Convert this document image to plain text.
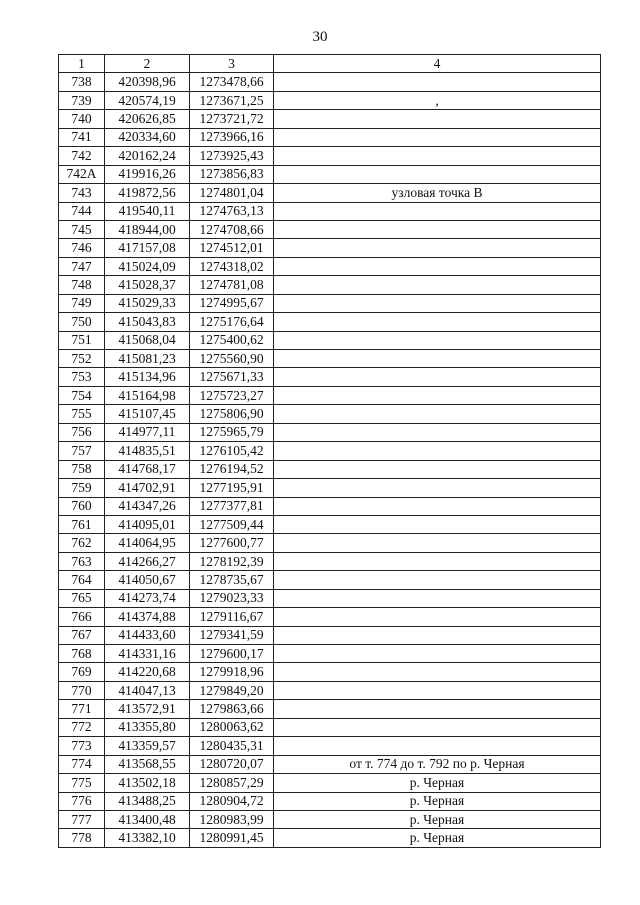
30
1	2	3	4
738	420398,96	1273478,66	
739	420574,19	1273671,25	,
740	420626,85	1273721,72	
741	420334,60	1273966,16	
742	420162,24	1273925,43	
742А	419916,26	1273856,83	
743	419872,56	1274801,04	узловая точка В
744	419540,11	1274763,13	
745	418944,00	1274708,66	
746	417157,08	1274512,01	
747	415024,09	1274318,02	
748	415028,37	1274781,08	
749	415029,33	1274995,67	
750	415043,83	1275176,64	
751	415068,04	1275400,62	
752	415081,23	1275560,90	
753	415134,96	1275671,33	
754	415164,98	1275723,27	
755	415107,45	1275806,90	
756	414977,11	1275965,79	
757	414835,51	1276105,42	
758	414768,17	1276194,52	
759	414702,91	1277195,91	
760	414347,26	1277377,81	
761	414095,01	1277509,44	
762	414064,95	1277600,77	
763	414266,27	1278192,39	
764	414050,67	1278735,67	
765	414273,74	1279023,33	
766	414374,88	1279116,67	
767	414433,60	1279341,59	
768	414331,16	1279600,17	
769	414220,68	1279918,96	
770	414047,13	1279849,20	
771	413572,91	1279863,66	
772	413355,80	1280063,62	
773	413359,57	1280435,31	
774	413568,55	1280720,07	от т. 774 до т. 792 по р. Черная
775	413502,18	1280857,29	р. Черная
776	413488,25	1280904,72	р. Черная
777	413400,48	1280983,99	р. Черная
778	413382,10	1280991,45	р. Черная
